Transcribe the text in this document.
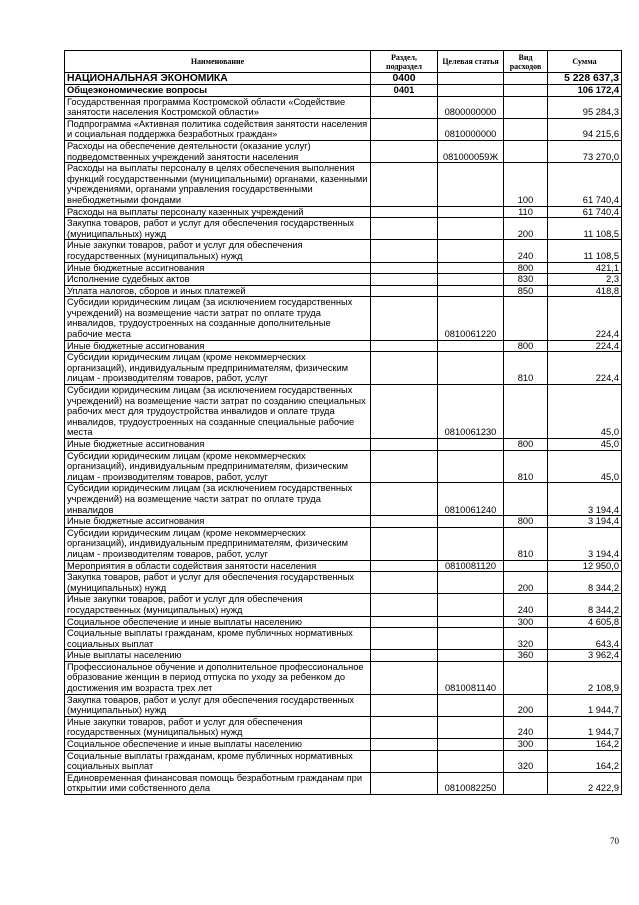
Наименование	Раздел, подраздел	Целевая статья	Вид расходов	Сумма
НАЦИОНАЛЬНАЯ ЭКОНОМИКА	0400			5 228 637,3
Общеэкономические вопросы	0401			106 172,4
Государственная программа Костромской области «Содействие занятости населения Костромской области»		0800000000		95 284,3
Подпрограмма «Активная политика содействия занятости населения и социальная поддержка безработных граждан»		0810000000		94 215,6
Расходы на обеспечение деятельности (оказание услуг) подведомственных учреждений занятости населения		081000059Ж		73 270,0
Расходы на выплаты персоналу в целях обеспечения выполнения функций государственными (муниципальными) органами, казенными учреждениями, органами управления государственными внебюджетными фондами			100	61 740,4
Расходы на выплаты персоналу казенных учреждений			110	61 740,4
Закупка товаров, работ и услуг для обеспечения государственных (муниципальных) нужд			200	11 108,5
Иные закупки товаров, работ и услуг для обеспечения государственных (муниципальных) нужд			240	11 108,5
Иные бюджетные ассигнования			800	421,1
Исполнение судебных актов			830	2,3
Уплата налогов, сборов и иных платежей			850	418,8
Субсидии юридическим лицам (за исключением государственных учреждений) на возмещение части затрат по оплате труда инвалидов, трудоустроенных на созданные дополнительные рабочие места		0810061220		224,4
Иные бюджетные ассигнования			800	224,4
Субсидии юридическим лицам (кроме некоммерческих организаций), индивидуальным предпринимателям, физическим лицам - производителям товаров, работ, услуг			810	224,4
Субсидии юридическим лицам (за исключением государственных учреждений) на возмещение части затрат по созданию специальных рабочих мест для трудоустройства инвалидов и оплате труда инвалидов, трудоустроенных на созданные специальные рабочие места		0810061230		45,0
Иные бюджетные ассигнования			800	45,0
Субсидии юридическим лицам (кроме некоммерческих организаций), индивидуальным предпринимателям, физическим лицам - производителям товаров, работ, услуг			810	45,0
Субсидии юридическим лицам (за исключением государственных учреждений) на возмещение части затрат по оплате труда инвалидов		0810061240		3 194,4
Иные бюджетные ассигнования			800	3 194,4
Субсидии юридическим лицам (кроме некоммерческих организаций), индивидуальным предпринимателям, физическим лицам - производителям товаров, работ, услуг			810	3 194,4
Мероприятия в области содействия занятости населения		0810081120		12 950,0
Закупка товаров, работ и услуг для обеспечения государственных (муниципальных) нужд			200	8 344,2
Иные закупки товаров, работ и услуг для обеспечения государственных (муниципальных) нужд			240	8 344,2
Социальное обеспечение и иные выплаты населению			300	4 605,8
Социальные выплаты гражданам, кроме публичных нормативных социальных выплат			320	643,4
Иные выплаты населению			360	3 962,4
Профессиональное обучение и дополнительное профессиональное образование женщин в период отпуска по уходу за ребенком до достижения им возраста трех лет		0810081140		2 108,9
Закупка товаров, работ и услуг для обеспечения государственных (муниципальных) нужд			200	1 944,7
Иные закупки товаров, работ и услуг для обеспечения государственных (муниципальных) нужд			240	1 944,7
Социальное обеспечение и иные выплаты населению			300	164,2
Социальные выплаты гражданам, кроме публичных нормативных социальных выплат			320	164,2
Единовременная финансовая помощь безработным гражданам при открытии ими собственного дела		0810082250		2 422,9
70
